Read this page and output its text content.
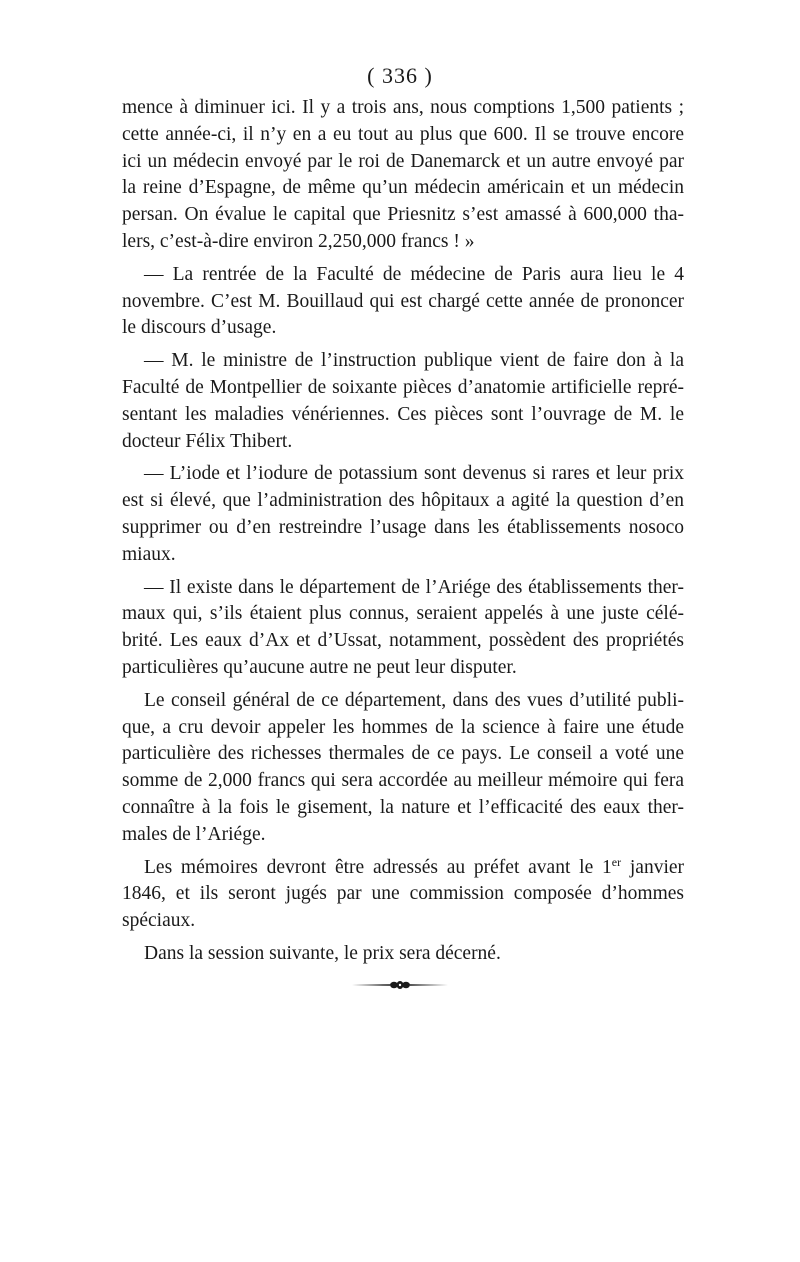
( 336 )
mence à diminuer ici. Il y a trois ans, nous comptions 1,500 patients ;
cette année-ci, il n’y en a eu tout au plus que 600. Il se trouve encore
ici un médecin envoyé par le roi de Danemarck et un autre envoyé par
la reine d’Espagne, de même qu’un médecin américain et un médecin
persan. On évalue le capital que Priesnitz s’est amassé à 600,000 tha-
lers, c’est-à-dire environ 2,250,000 francs ! »
— La rentrée de la Faculté de médecine de Paris aura lieu le 4
novembre. C’est M. Bouillaud qui est chargé cette année de prononcer
le discours d’usage.
— M. le ministre de l’instruction publique vient de faire don à la
Faculté de Montpellier de soixante pièces d’anatomie artificielle repré-
sentant les maladies vénériennes. Ces pièces sont l’ouvrage de M. le
docteur Félix Thibert.
— L’iode et l’iodure de potassium sont devenus si rares et leur prix
est si élevé, que l’administration des hôpitaux a agité la question d’en
supprimer ou d’en restreindre l’usage dans les établissements nosoco
miaux.
— Il existe dans le département de l’Ariége des établissements ther-
maux qui, s’ils étaient plus connus, seraient appelés à une juste célé-
brité. Les eaux d’Ax et d’Ussat, notamment, possèdent des propriétés
particulières qu’aucune autre ne peut leur disputer.
Le conseil général de ce département, dans des vues d’utilité publi-
que, a cru devoir appeler les hommes de la science à faire une étude
particulière des richesses thermales de ce pays. Le conseil a voté une
somme de 2,000 francs qui sera accordée au meilleur mémoire qui fera
connaître à la fois le gisement, la nature et l’efficacité des eaux ther-
males de l’Ariége.
Les mémoires devront être adressés au préfet avant le 1er janvier
1846, et ils seront jugés par une commission composée d’hommes
spéciaux.
Dans la session suivante, le prix sera décerné.
